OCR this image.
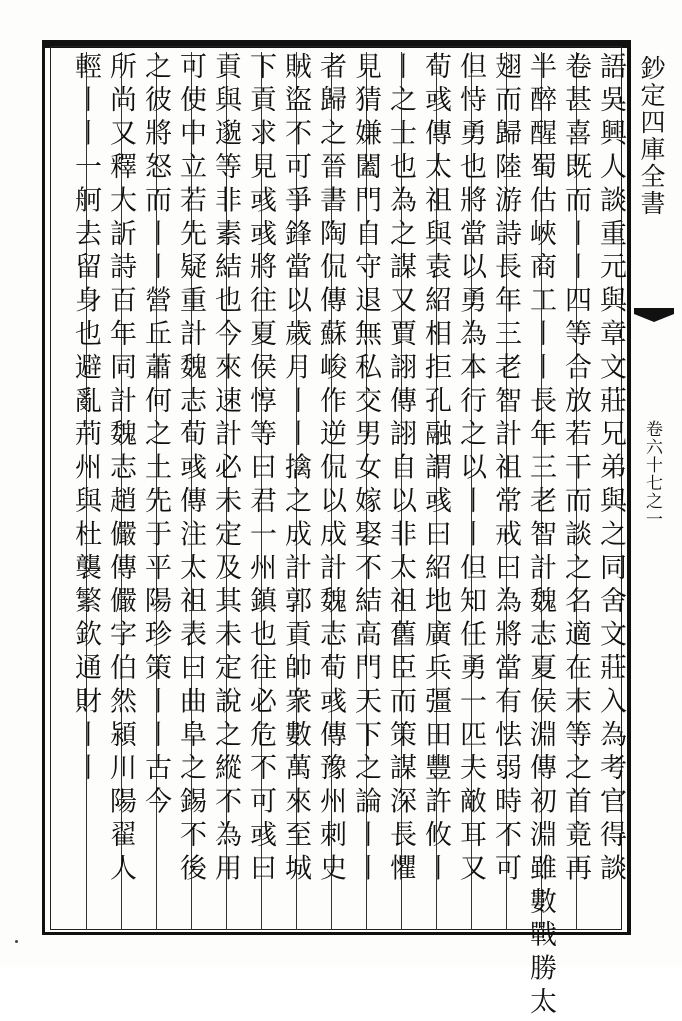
鈔定四庫全書
卷六十七之一
語吳興人談重元與章文莊兄弟與之同舍文莊入為考官得談
卷甚喜既而丨丨四等合放若干而談之名適在末等之首竟再
半醉醒蜀估峽商工丨丨長年三老智計魏志夏侯淵傳初淵雖數戰勝太
翅而歸陸游詩長年三老智計祖常戒曰為將當有怯弱時不可
但恃勇也將當以勇為本行之以丨丨但知任勇一匹夫敵耳又
荀彧傳太祖與袁紹相拒孔融謂彧曰紹地廣兵彊田豐許攸丨
丨之士也為之謀又賈詡傳詡自以非太祖舊臣而策謀深長懼
見猜嫌闔門自守退無私交男女嫁娶不結高門天下之論丨丨
者歸之晉書陶侃傳蘇峻作逆侃以成計魏志荀彧傳豫州刺史
賊盜不可爭鋒當以歲月丨丨擒之成計郭貢帥衆數萬來至城
下貢求見彧彧將往夏侯惇等曰君一州鎮也往必危不可彧曰
貢與邈等非素結也今來速計必未定及其未定說之縱不為用
可使中立若先疑重計魏志荀彧傳注太祖表曰曲阜之錫不後
之彼將怒而丨丨營丘蕭何之土先于平陽珍策丨丨古今
所尚又釋大訢詩百年同計魏志趙儼傳儼字伯然潁川陽翟人
輕丨丨一舸去留身也避亂荊州與杜襲繁欽通財丨丨
